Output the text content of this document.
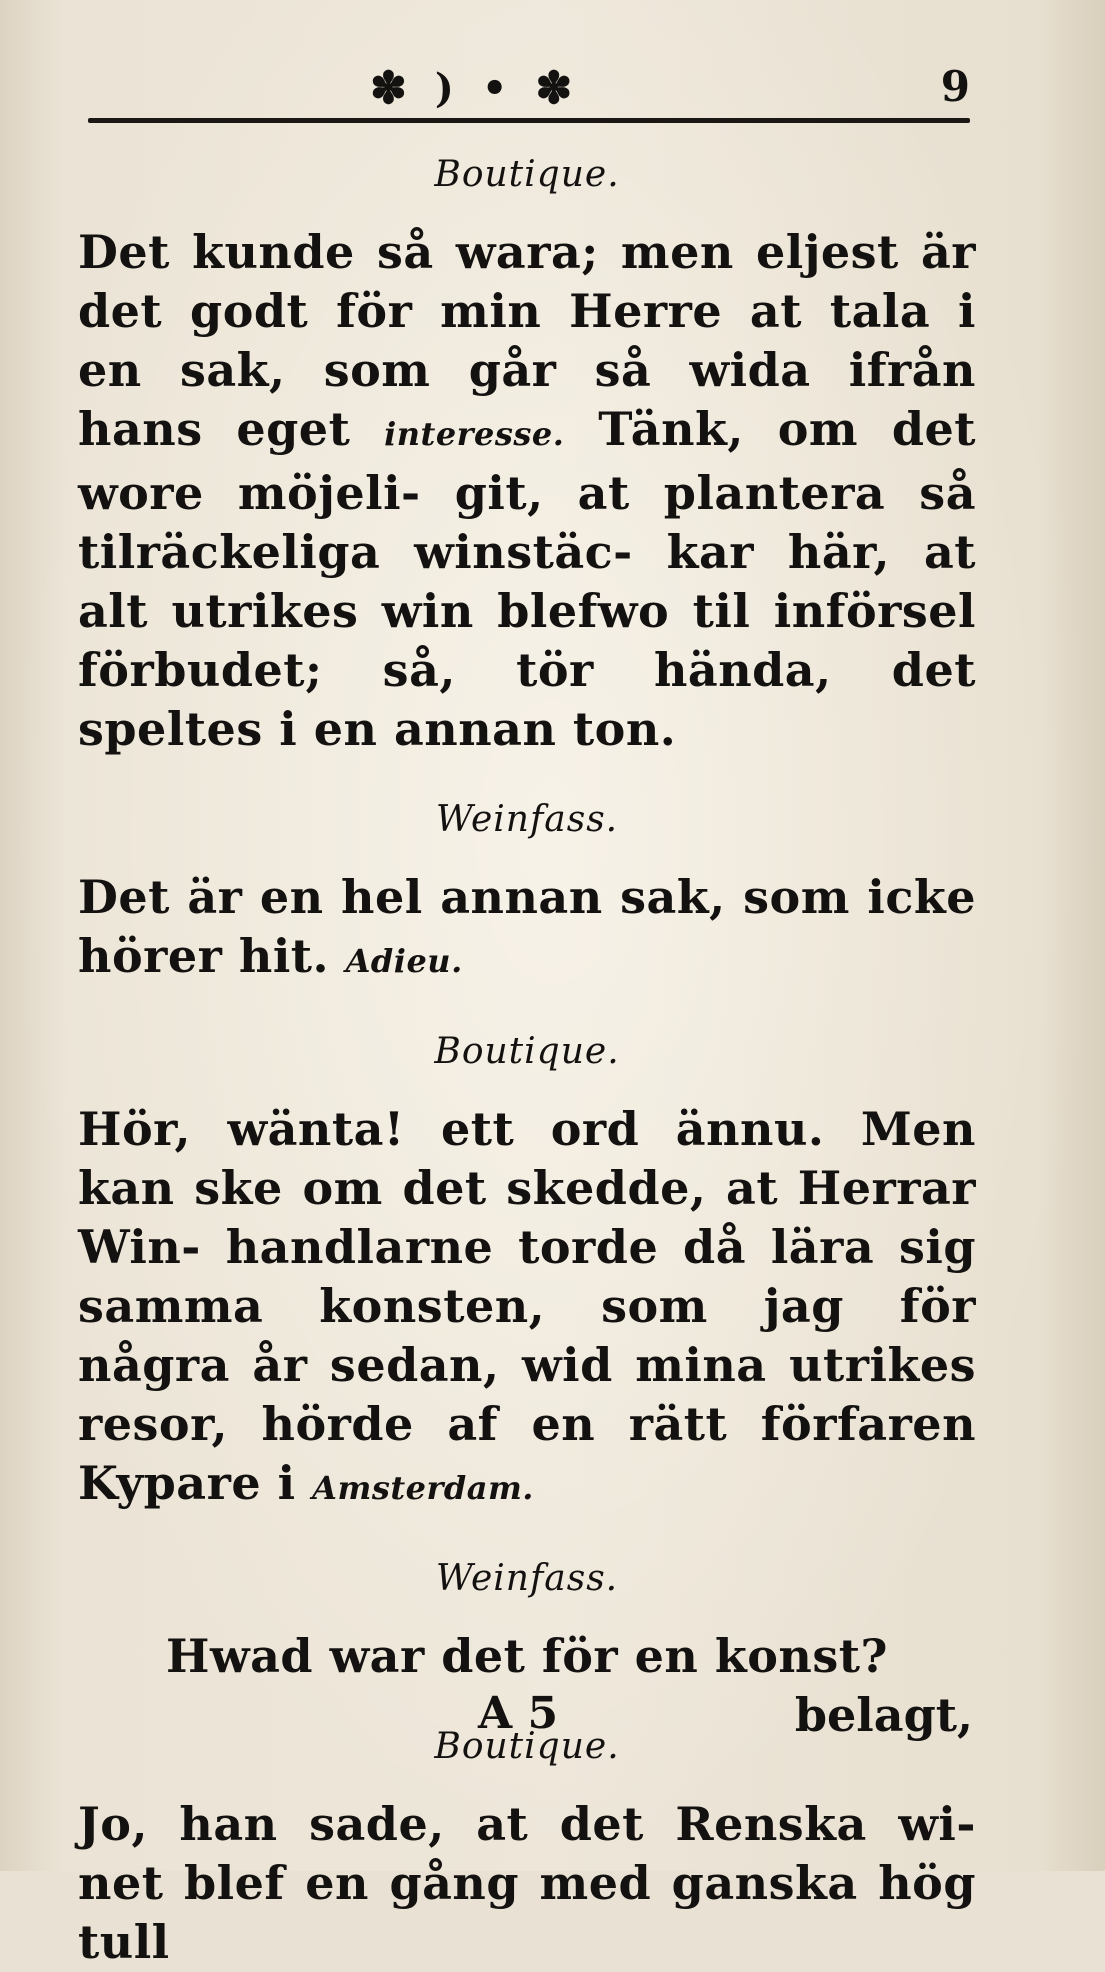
✽ ) • ✽	9
Boutique.

Det kunde så wara; men eljest är det godt för min Herre at tala i en sak, som går så wida ifrån hans eget interesse. Tänk, om det wore möjeli- git, at plantera så tilräckeliga winstäc- kar här, at alt utrikes win blefwo til införsel förbudet; så, tör hända, det speltes i en annan ton.

Weinfass.

Det är en hel annan sak, som icke hörer hit. Adieu.

Boutique.

Hör, wänta! ett ord ännu. Men kan ske om det skedde, at Herrar Win- handlarne torde då lära sig samma konsten, som jag för några år sedan, wid mina utrikes resor, hörde af en rätt förfaren Kypare i Amsterdam.

Weinfass.

Hwad war det för en konst?

Boutique.

Jo, han sade, at det Renska wi- net blef en gång med ganska hög tull

A 5	belagt,
